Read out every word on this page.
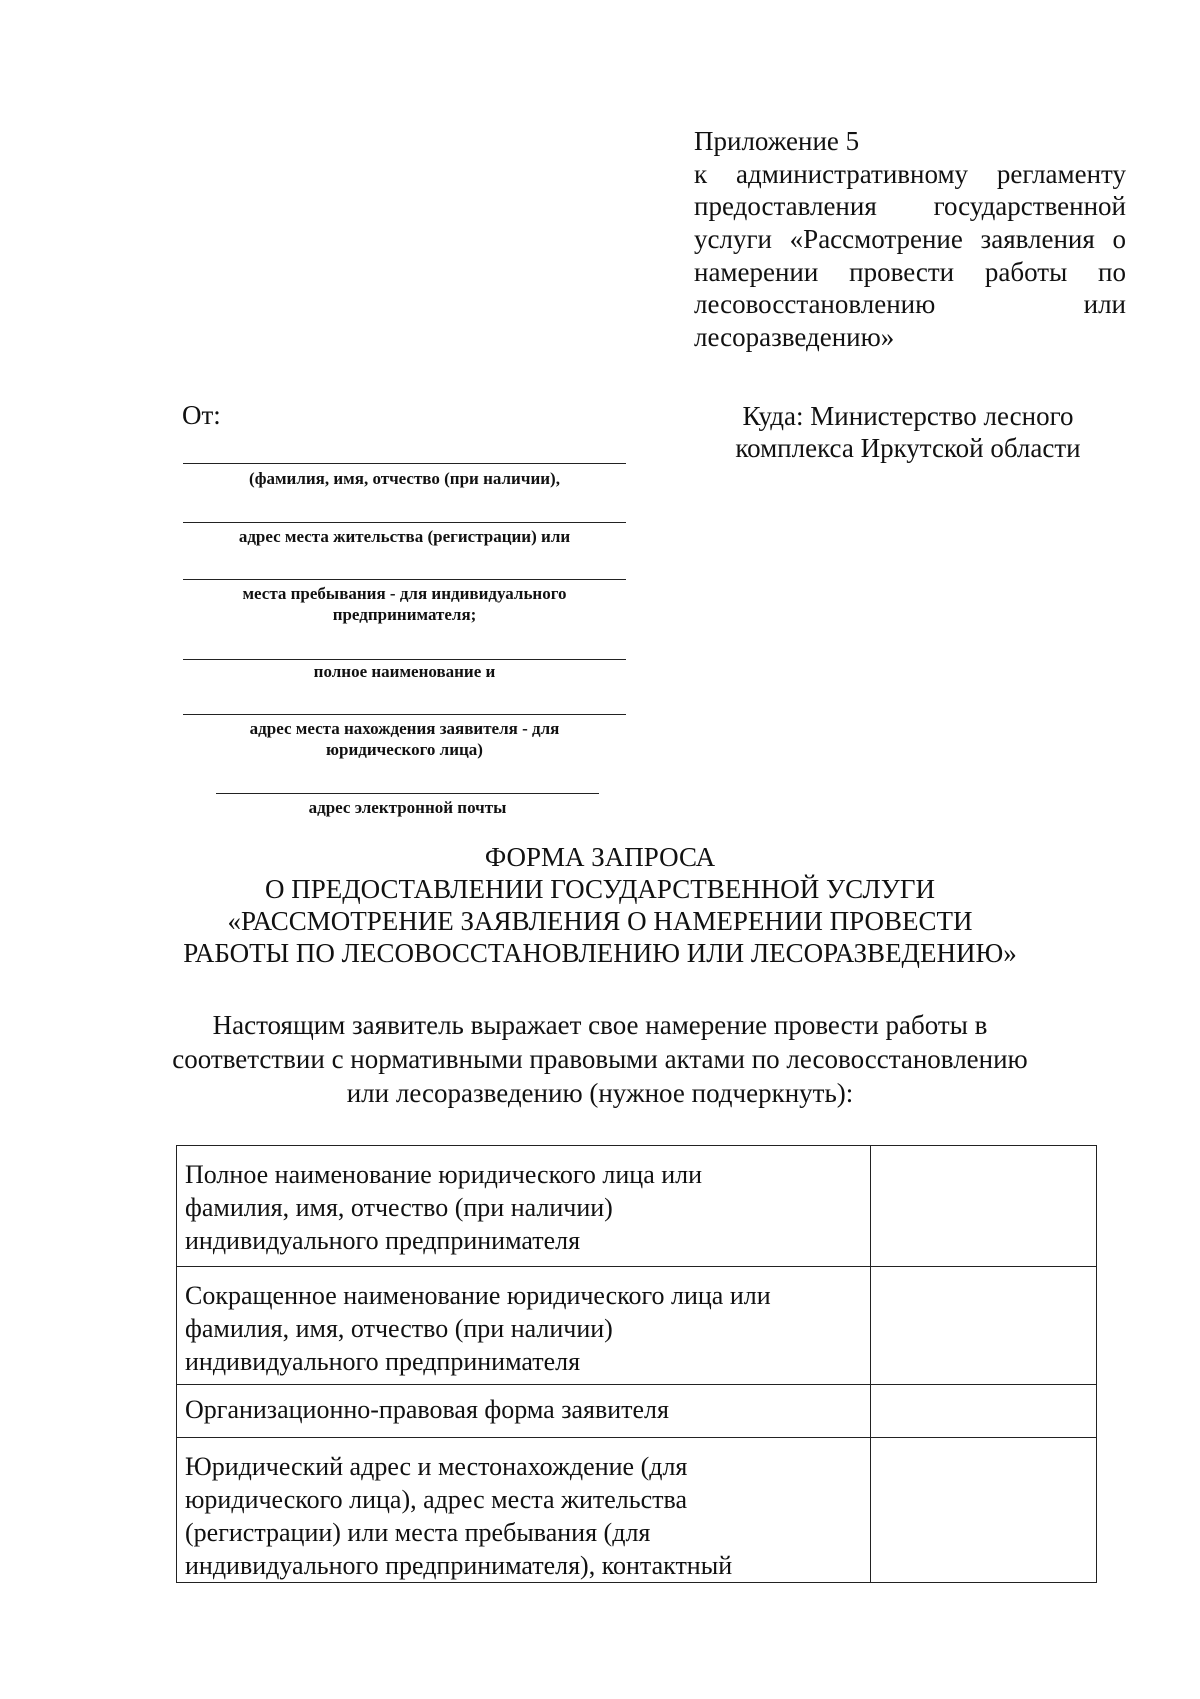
Приложение 5
к административному регламенту
предоставления государственной
услуги «Рассмотрение заявления о
намерении провести работы по
лесовосстановлению или
лесоразведению»
От:	Куда: Министерство лесного
комплекса Иркутской области
(фамилия, имя, отчество (при наличии),
адрес места жительства (регистрации) или
места пребывания - для индивидуального предпринимателя;
полное наименование и
адрес места нахождения заявителя - для юридического лица)
адрес электронной почты
ФОРМА ЗАПРОСА
О ПРЕДОСТАВЛЕНИИ ГОСУДАРСТВЕННОЙ УСЛУГИ
«РАССМОТРЕНИЕ ЗАЯВЛЕНИЯ О НАМЕРЕНИИ ПРОВЕСТИ
РАБОТЫ ПО ЛЕСОВОССТАНОВЛЕНИЮ ИЛИ ЛЕСОРАЗВЕДЕНИЮ»
Настоящим заявитель выражает свое намерение провести работы в
соответствии с нормативными правовыми актами по лесовосстановлению
или лесоразведению (нужное подчеркнуть):
Полное наименование юридического лица или
фамилия, имя, отчество (при наличии)
индивидуального предпринимателя	

Сокращенное наименование юридического лица или
фамилия, имя, отчество (при наличии)
индивидуального предпринимателя	

Организационно-правовая форма заявителя	

Юридический адрес и местонахождение (для
юридического лица), адрес места жительства
(регистрации) или места пребывания (для
индивидуального предпринимателя), контактный	
